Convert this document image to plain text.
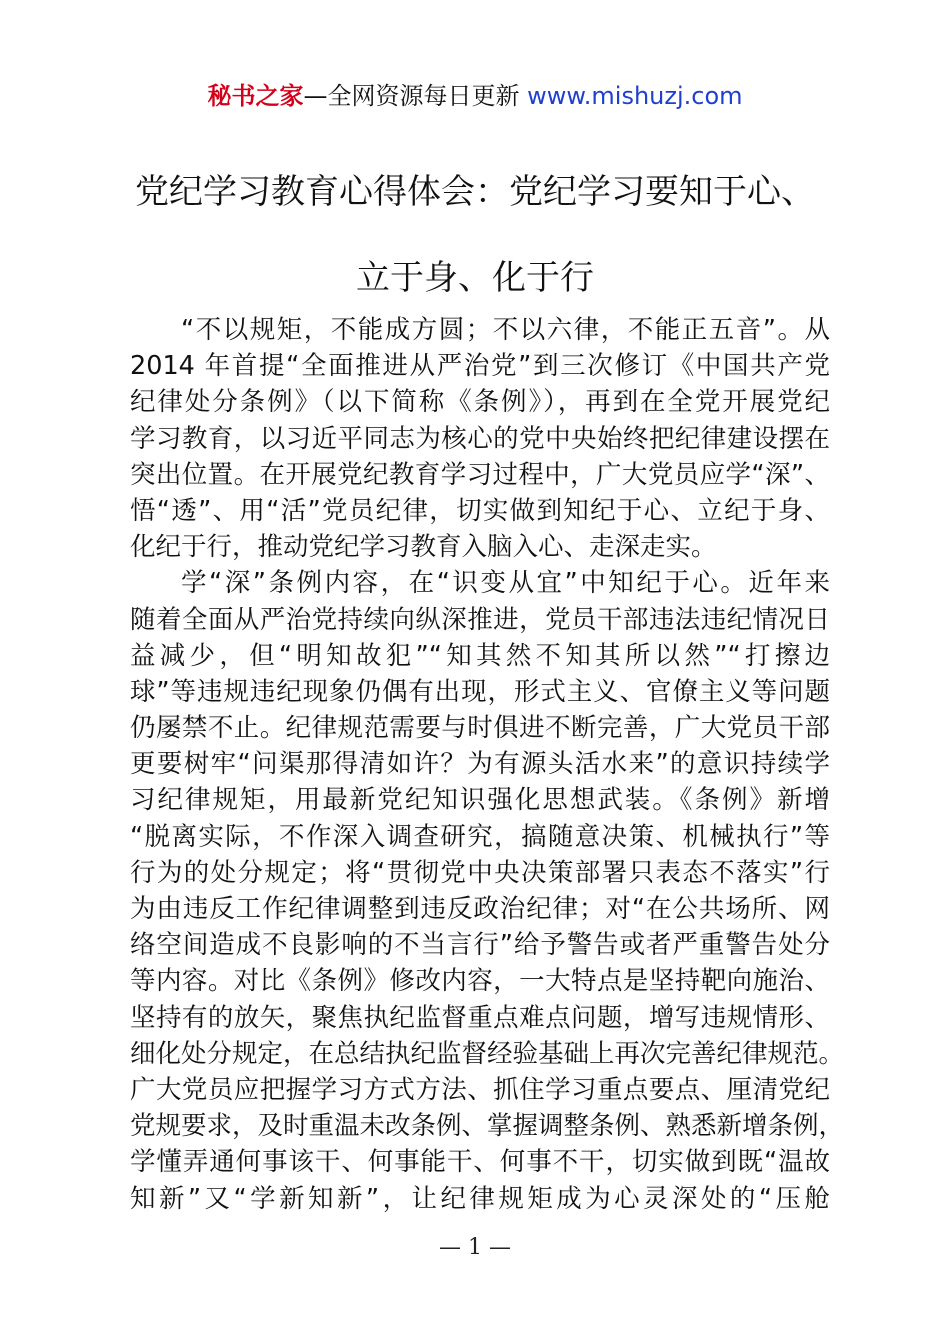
秘书之家—全网资源每日更新 www.mishuzj.com
党纪学习教育心得体会：党纪学习要知于心、
立于身、化于行
“不以规矩，不能成方圆；不以六律，不能正五音”。从
2014 年首提“全面推进从严治党”到三次修订《中国共产党
纪律处分条例》（以下简称《条例》），再到在全党开展党纪
学习教育，以习近平同志为核心的党中央始终把纪律建设摆在
突出位置。在开展党纪教育学习过程中，广大党员应学“深”、
悟“透”、用“活”党员纪律，切实做到知纪于心、立纪于身、
化纪于行，推动党纪学习教育入脑入心、走深走实。
学“深”条例内容，在“识变从宜”中知纪于心。近年来
随着全面从严治党持续向纵深推进，党员干部违法违纪情况日
益减少，但“明知故犯”“知其然不知其所以然”“打擦边
球”等违规违纪现象仍偶有出现，形式主义、官僚主义等问题
仍屡禁不止。纪律规范需要与时俱进不断完善，广大党员干部
更要树牢“问渠那得清如许？为有源头活水来”的意识持续学
习纪律规矩，用最新党纪知识强化思想武装。《条例》新增
“脱离实际，不作深入调查研究，搞随意决策、机械执行”等
行为的处分规定；将“贯彻党中央决策部署只表态不落实”行
为由违反工作纪律调整到违反政治纪律；对“在公共场所、网
络空间造成不良影响的不当言行”给予警告或者严重警告处分
等内容。对比《条例》修改内容，一大特点是坚持靶向施治、
坚持有的放矢，聚焦执纪监督重点难点问题，增写违规情形、
细化处分规定，在总结执纪监督经验基础上再次完善纪律规范。
广大党员应把握学习方式方法、抓住学习重点要点、厘清党纪
党规要求，及时重温未改条例、掌握调整条例、熟悉新增条例，
学懂弄通何事该干、何事能干、何事不干，切实做到既“温故
知新”又“学新知新”，让纪律规矩成为心灵深处的“压舱
— 1 —
